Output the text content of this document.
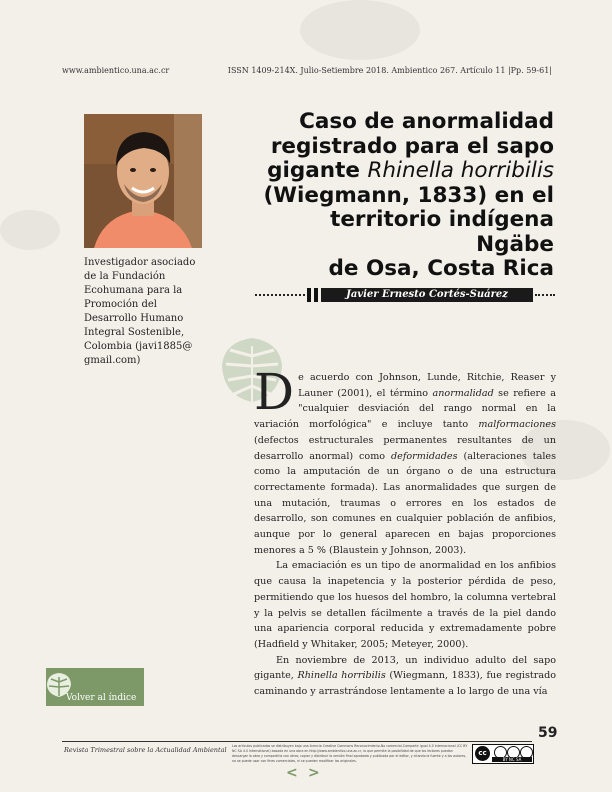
www.ambientico.una.ac.cr	ISSN 1409-214X. Julio-Setiembre 2018. Ambientico 267. Artículo 11 |Pp. 59-61|
Investigador asociado de la Fundación Ecohumana para la Promoción del Desarrollo Humano Integral Sostenible, Colombia (javi1885@ gmail.com)
Caso de anormalidad
registrado para el sapo
gigante Rhinella horribilis
(Wiegmann, 1833) en el
territorio indígena Ngäbe
de Osa, Costa Rica
Javier Ernesto Cortés-Suárez

De acuerdo con Johnson, Lunde, Ritchie, Reaser y Launer (2001), el término anormalidad se refiere a "cualquier desviación del rango normal en la variación morfológica" e incluye tanto malformaciones (defectos estructurales permanentes resultantes de un desarrollo anormal) como deformidades (alteraciones tales como la amputación de un órgano o de una estructura correctamente formada). Las anormalidades que surgen de una mutación, traumas o errores en los estados de desarrollo, son comunes en cualquier población de anfibios, aunque por lo general aparecen en bajas proporciones menores a 5 % (Blaustein y Johnson, 2003).

La emaciación es un tipo de anormalidad en los anfibios que causa la inapetencia y la posterior pérdida de peso, permitiendo que los huesos del hombro, la columna vertebral y la pelvis se detallen fácilmente a través de la piel dando una apariencia corporal reducida y extremadamente pobre (Hadfield y Whitaker, 2005; Meteyer, 2000).

En noviembre de 2013, un individuo adulto del sapo gigante, Rhinella horribilis (Wiegmann, 1833), fue registrado caminando y arrastrándose lentamente a lo largo de una vía

Volver al índice
59
Revista Trimestral sobre la Actualidad Ambiental Los artículos publicados se distribuyen bajo una licencia Creative Commons Reconocimiento-No comercial-Compartir igual 4.0 Internacional (CC BY NC SA 4.0 International) basada en una obra en http://www.ambientico.una.ac.cr, lo que permite la posibilidad de que los lectores puedan descargar la obra y compartirla con otros; copiar y distribuir la versión final aprobada y publicada por el editor, y citando la fuente y a los autores, no se puede usar con fines comerciales, ni se pueden modificar los originales.
cc
BY NC SA
< >
